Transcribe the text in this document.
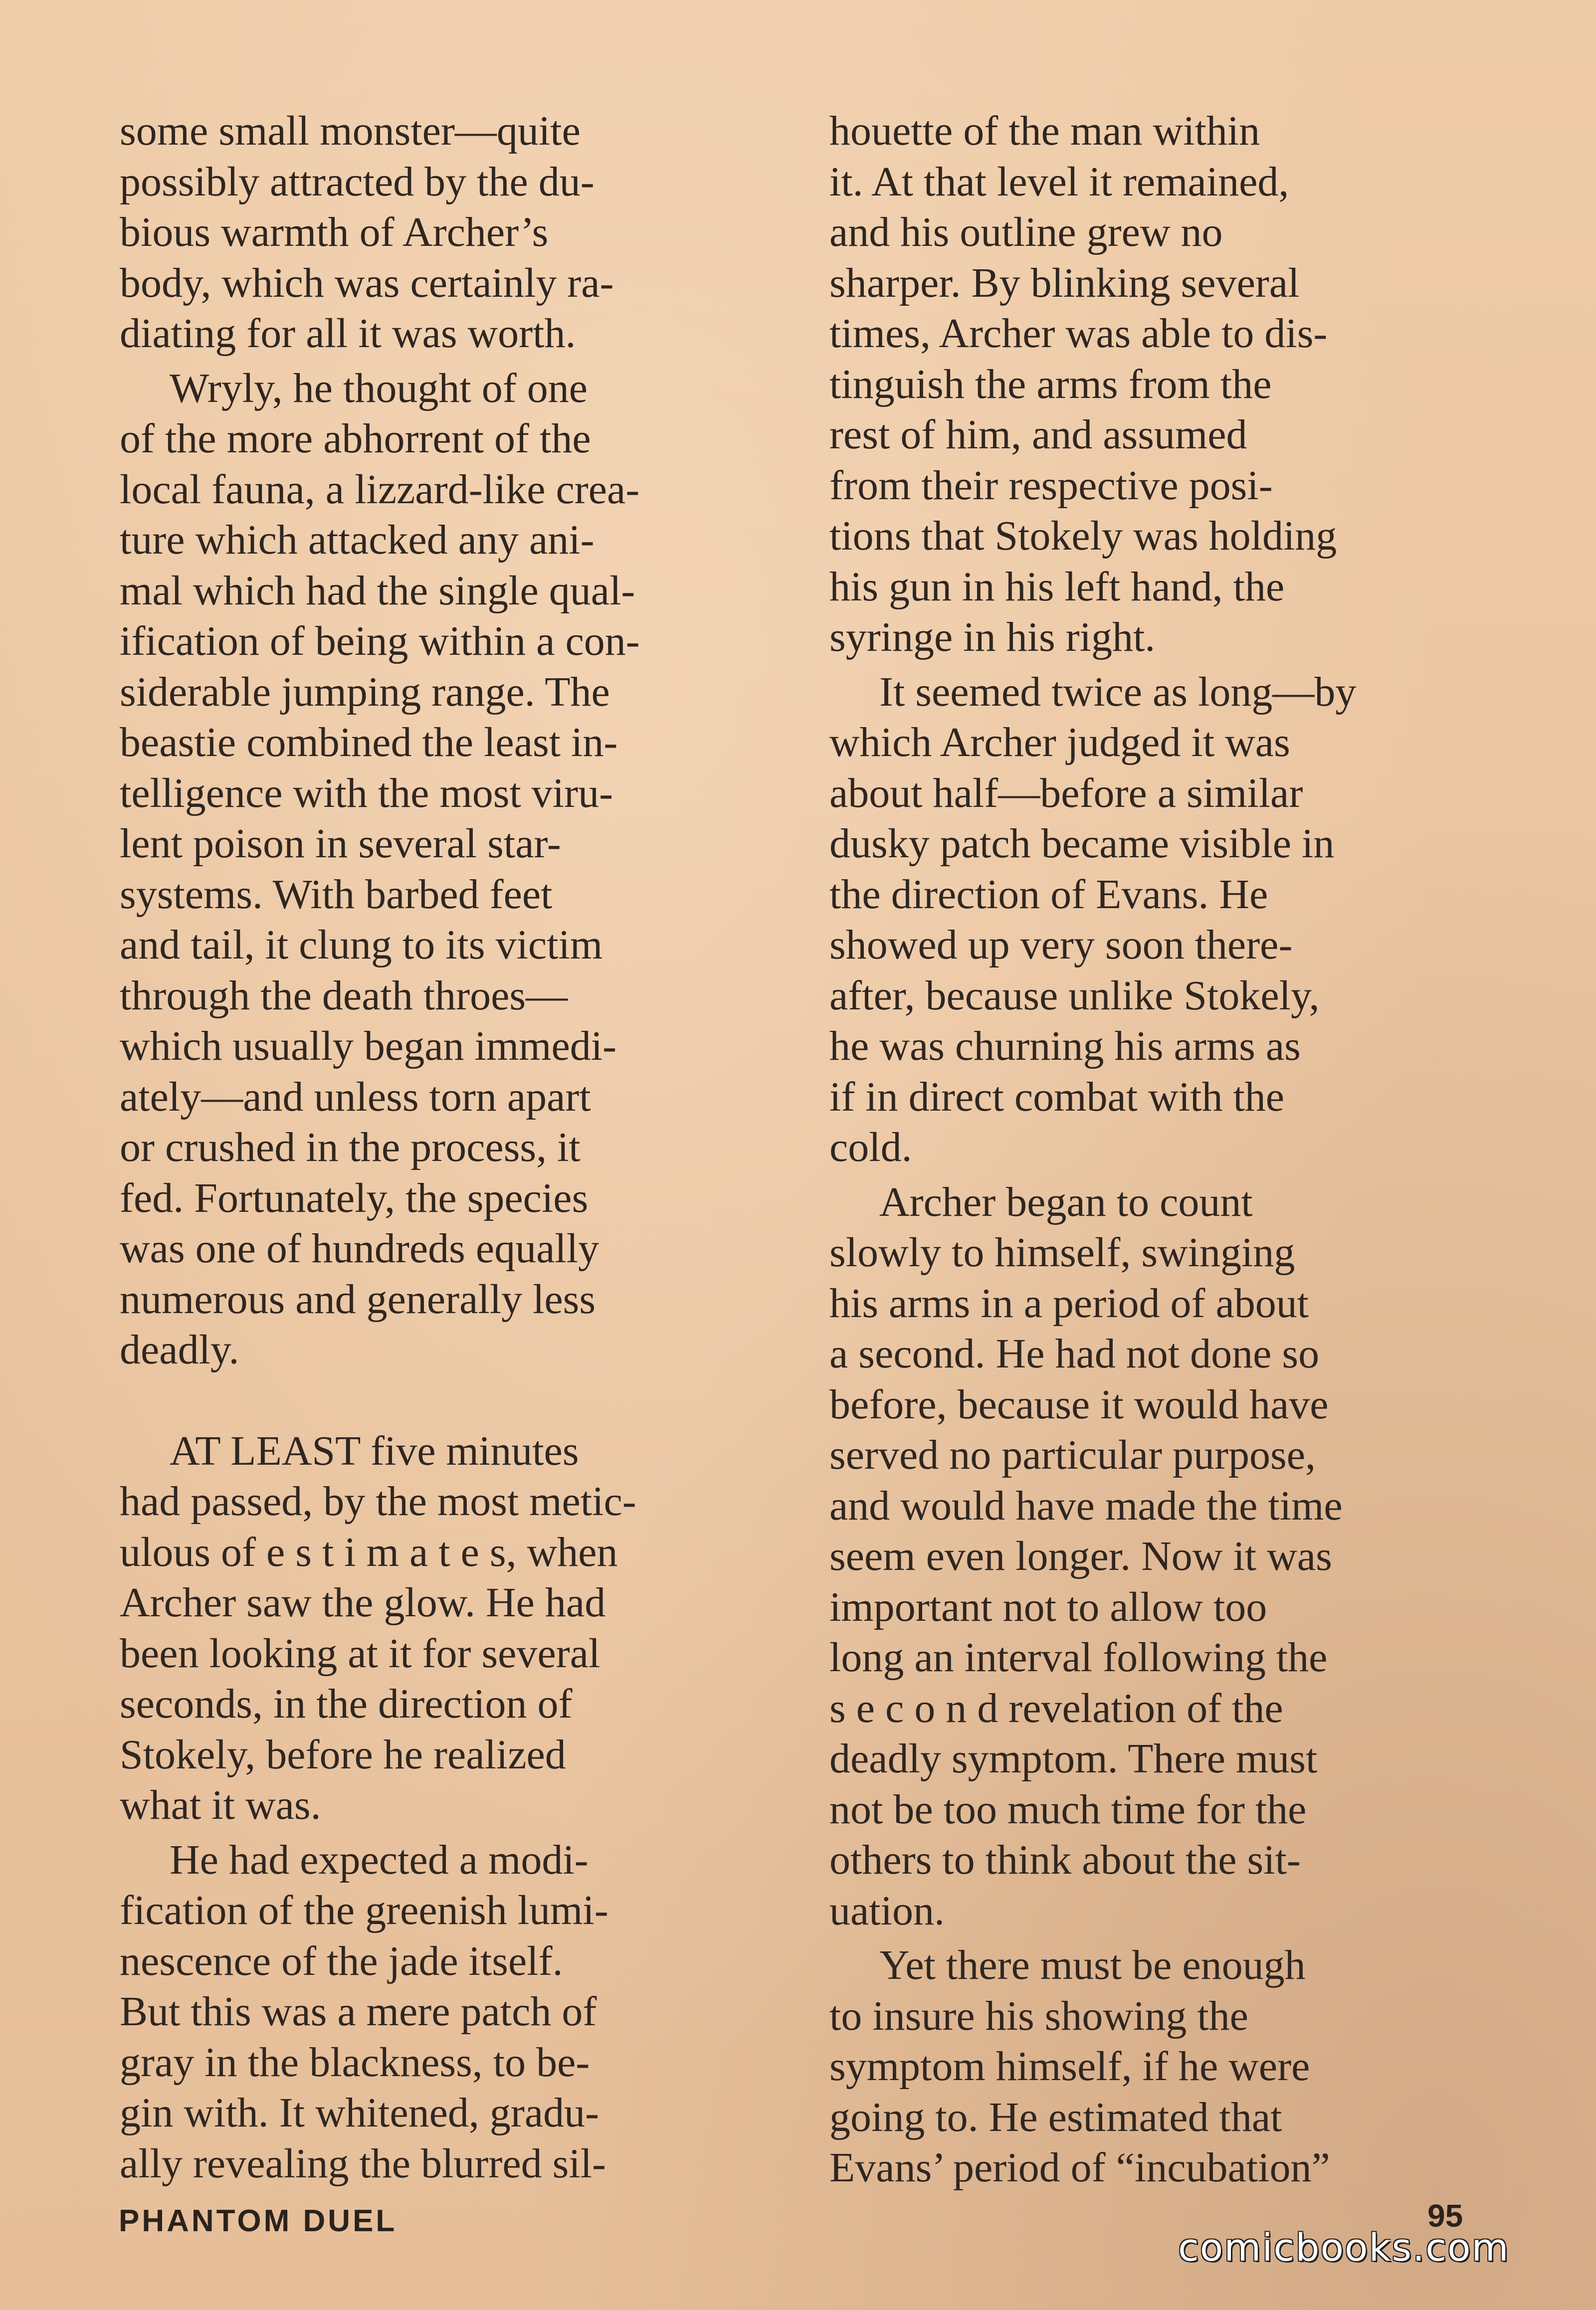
some small monster—quite
possibly attracted by the du-
bious warmth of Archer’s
body, which was certainly ra-
diating for all it was worth.

Wryly, he thought of one
of the more abhorrent of the
local fauna, a lizzard-like crea-
ture which attacked any ani-
mal which had the single qual-
ification of being within a con-
siderable jumping range. The
beastie combined the least in-
telligence with the most viru-
lent poison in several star-
systems. With barbed feet
and tail, it clung to its victim
through the death throes—
which usually began immedi-
ately—and unless torn apart
or crushed in the process, it
fed. Fortunately, the species
was one of hundreds equally
numerous and generally less
deadly.

AT LEAST five minutes
had passed, by the most metic-
ulous of e s t i m a t e s, when
Archer saw the glow. He had
been looking at it for several
seconds, in the direction of
Stokely, before he realized
what it was.

He had expected a modi-
fication of the greenish lumi-
nescence of the jade itself.
But this was a mere patch of
gray in the blackness, to be-
gin with. It whitened, gradu-
ally revealing the blurred sil-

houette of the man within
it. At that level it remained,
and his outline grew no
sharper. By blinking several
times, Archer was able to dis-
tinguish the arms from the
rest of him, and assumed
from their respective posi-
tions that Stokely was holding
his gun in his left hand, the
syringe in his right.

It seemed twice as long—by
which Archer judged it was
about half—before a similar
dusky patch became visible in
the direction of Evans. He
showed up very soon there-
after, because unlike Stokely,
he was churning his arms as
if in direct combat with the
cold.

Archer began to count
slowly to himself, swinging
his arms in a period of about
a second. He had not done so
before, because it would have
served no particular purpose,
and would have made the time
seem even longer. Now it was
important not to allow too
long an interval following the
s e c o n d revelation of the
deadly symptom. There must
not be too much time for the
others to think about the sit-
uation.

Yet there must be enough
to insure his showing the
symptom himself, if he were
going to. He estimated that
Evans’ period of “incubation”

PHANTOM DUEL	95
comicbooks.com
